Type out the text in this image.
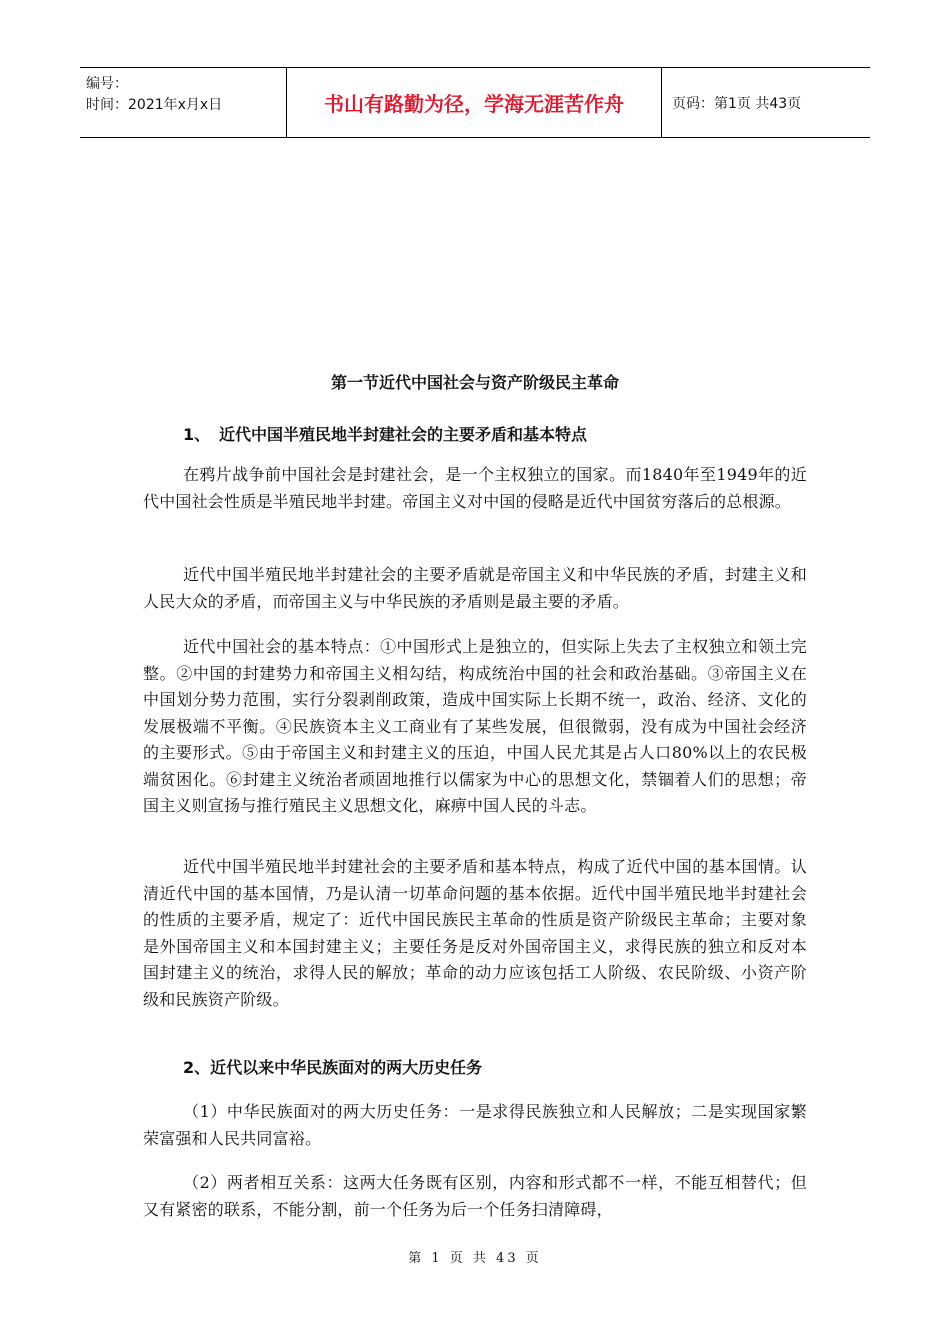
编号：
时间：2021年x月x日	书山有路勤为径，学海无涯苦作舟	页码：第1页 共43页
第一节近代中国社会与资产阶级民主革命
1、 近代中国半殖民地半封建社会的主要矛盾和基本特点
在鸦片战争前中国社会是封建社会，是一个主权独立的国家。而1840年至1949年的近代中国社会性质是半殖民地半封建。帝国主义对中国的侵略是近代中国贫穷落后的总根源。
近代中国半殖民地半封建社会的主要矛盾就是帝国主义和中华民族的矛盾，封建主义和人民大众的矛盾，而帝国主义与中华民族的矛盾则是最主要的矛盾。
近代中国社会的基本特点：①中国形式上是独立的，但实际上失去了主权独立和领土完整。②中国的封建势力和帝国主义相勾结，构成统治中国的社会和政治基础。③帝国主义在中国划分势力范围，实行分裂剥削政策，造成中国实际上长期不统一，政治、经济、文化的发展极端不平衡。④民族资本主义工商业有了某些发展，但很微弱，没有成为中国社会经济的主要形式。⑤由于帝国主义和封建主义的压迫，中国人民尤其是占人口80%以上的农民极端贫困化。⑥封建主义统治者顽固地推行以儒家为中心的思想文化，禁锢着人们的思想；帝国主义则宣扬与推行殖民主义思想文化，麻痹中国人民的斗志。
近代中国半殖民地半封建社会的主要矛盾和基本特点，构成了近代中国的基本国情。认清近代中国的基本国情，乃是认清一切革命问题的基本依据。近代中国半殖民地半封建社会的性质的主要矛盾，规定了：近代中国民族民主革命的性质是资产阶级民主革命；主要对象是外国帝国主义和本国封建主义；主要任务是反对外国帝国主义，求得民族的独立和反对本国封建主义的统治，求得人民的解放；革命的动力应该包括工人阶级、农民阶级、小资产阶级和民族资产阶级。
2、近代以来中华民族面对的两大历史任务
（1）中华民族面对的两大历史任务：一是求得民族独立和人民解放；二是实现国家繁荣富强和人民共同富裕。
（2）两者相互关系：这两大任务既有区别，内容和形式都不一样，不能互相替代；但又有紧密的联系，不能分割，前一个任务为后一个任务扫清障碍，
第 1 页 共 43 页
